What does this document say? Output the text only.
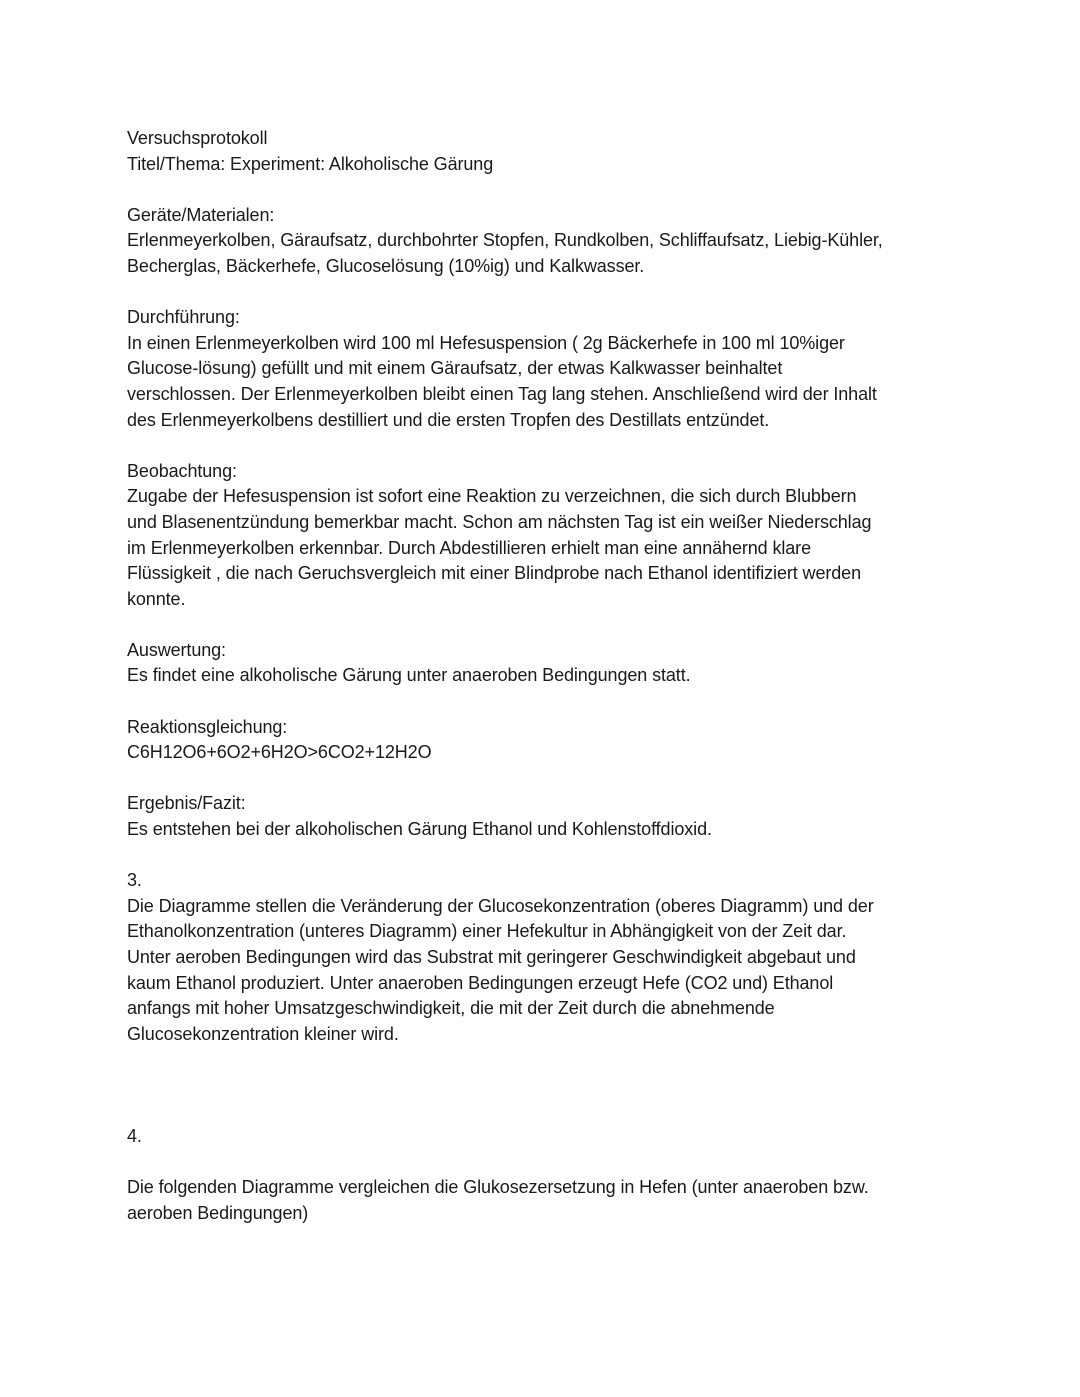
Versuchsprotokoll

Titel/Thema: Experiment: Alkoholische Gärung

Geräte/Materialen:

Erlenmeyerkolben, Gäraufsatz, durchbohrter Stopfen, Rundkolben, Schliffaufsatz, Liebig-Kühler,

Becherglas, Bäckerhefe, Glucoselösung (10%ig) und Kalkwasser.

Durchführung:

In einen Erlenmeyerkolben wird 100 ml Hefesuspension ( 2g Bäckerhefe in 100 ml 10%iger

Glucose-lösung) gefüllt und mit einem Gäraufsatz, der etwas Kalkwasser beinhaltet

verschlossen. Der Erlenmeyerkolben bleibt einen Tag lang stehen. Anschließend wird der Inhalt

des Erlenmeyerkolbens destilliert und die ersten Tropfen des Destillats entzündet.

Beobachtung:

Zugabe der Hefesuspension ist sofort eine Reaktion zu verzeichnen, die sich durch Blubbern

und Blasenentzündung bemerkbar macht. Schon am nächsten Tag ist ein weißer Niederschlag

im Erlenmeyerkolben erkennbar. Durch Abdestillieren erhielt man eine annähernd klare

Flüssigkeit , die nach Geruchsvergleich mit einer Blindprobe nach Ethanol identifiziert werden

konnte.

Auswertung:

Es findet eine alkoholische Gärung unter anaeroben Bedingungen statt.

Reaktionsgleichung:

C6H12O6+6O2+6H2O>6CO2+12H2O

Ergebnis/Fazit:

Es entstehen bei der alkoholischen Gärung Ethanol und Kohlenstoffdioxid.

3.

Die Diagramme stellen die Veränderung der Glucosekonzentration (oberes Diagramm) und der

Ethanolkonzentration (unteres Diagramm) einer Hefekultur in Abhängigkeit von der Zeit dar.

Unter aeroben Bedingungen wird das Substrat mit geringerer Geschwindigkeit abgebaut und

kaum Ethanol produziert. Unter anaeroben Bedingungen erzeugt Hefe (CO2 und) Ethanol

anfangs mit hoher Umsatzgeschwindigkeit, die mit der Zeit durch die abnehmende

Glucosekonzentration kleiner wird.

4.

Die folgenden Diagramme vergleichen die Glukosezersetzung in Hefen (unter anaeroben bzw.

aeroben Bedingungen)
